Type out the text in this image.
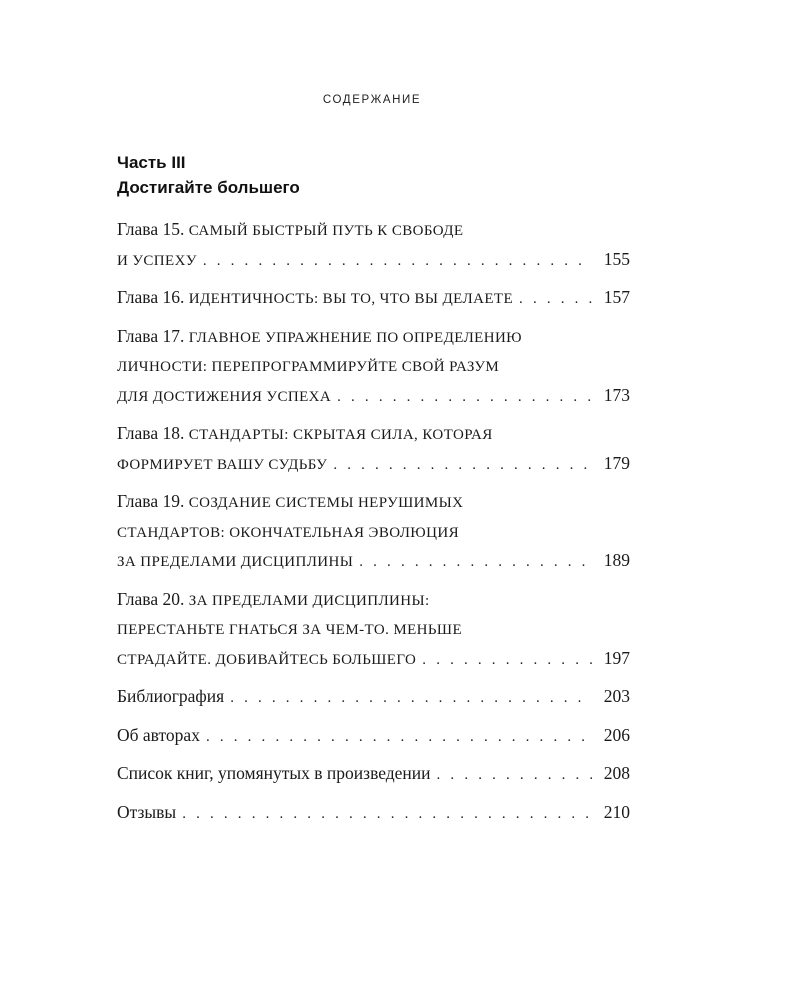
СОДЕРЖАНИЕ
Часть III
Достигайте большего
Глава 15. САМЫЙ БЫСТРЫЙ ПУТЬ К СВОБОДЕ
И УСПЕХУ . . .	155
Глава 16. ИДЕНТИЧНОСТЬ: ВЫ ТО, ЧТО ВЫ ДЕЛАЕТЕ . . .	157
Глава 17. ГЛАВНОЕ УПРАЖНЕНИЕ ПО ОПРЕДЕЛЕНИЮ
ЛИЧНОСТИ: ПЕРЕПРОГРАММИРУЙТЕ СВОЙ РАЗУМ
ДЛЯ ДОСТИЖЕНИЯ УСПЕХА . . .	173
Глава 18. СТАНДАРТЫ: СКРЫТАЯ СИЛА, КОТОРАЯ
ФОРМИРУЕТ ВАШУ СУДЬБУ . . .	179
Глава 19. СОЗДАНИЕ СИСТЕМЫ НЕРУШИМЫХ
СТАНДАРТОВ: ОКОНЧАТЕЛЬНАЯ ЭВОЛЮЦИЯ
ЗА ПРЕДЕЛАМИ ДИСЦИПЛИНЫ . . .	189
Глава 20. ЗА ПРЕДЕЛАМИ ДИСЦИПЛИНЫ:
ПЕРЕСТАНЬТЕ ГНАТЬСЯ ЗА ЧЕМ-ТО. МЕНЬШЕ
СТРАДАЙТЕ. ДОБИВАЙТЕСЬ БОЛЬШЕГО . . .	197
Библиография . . .	203
Об авторах . . .	206
Список книг, упомянутых в произведении . . .	208
Отзывы . . .	210
